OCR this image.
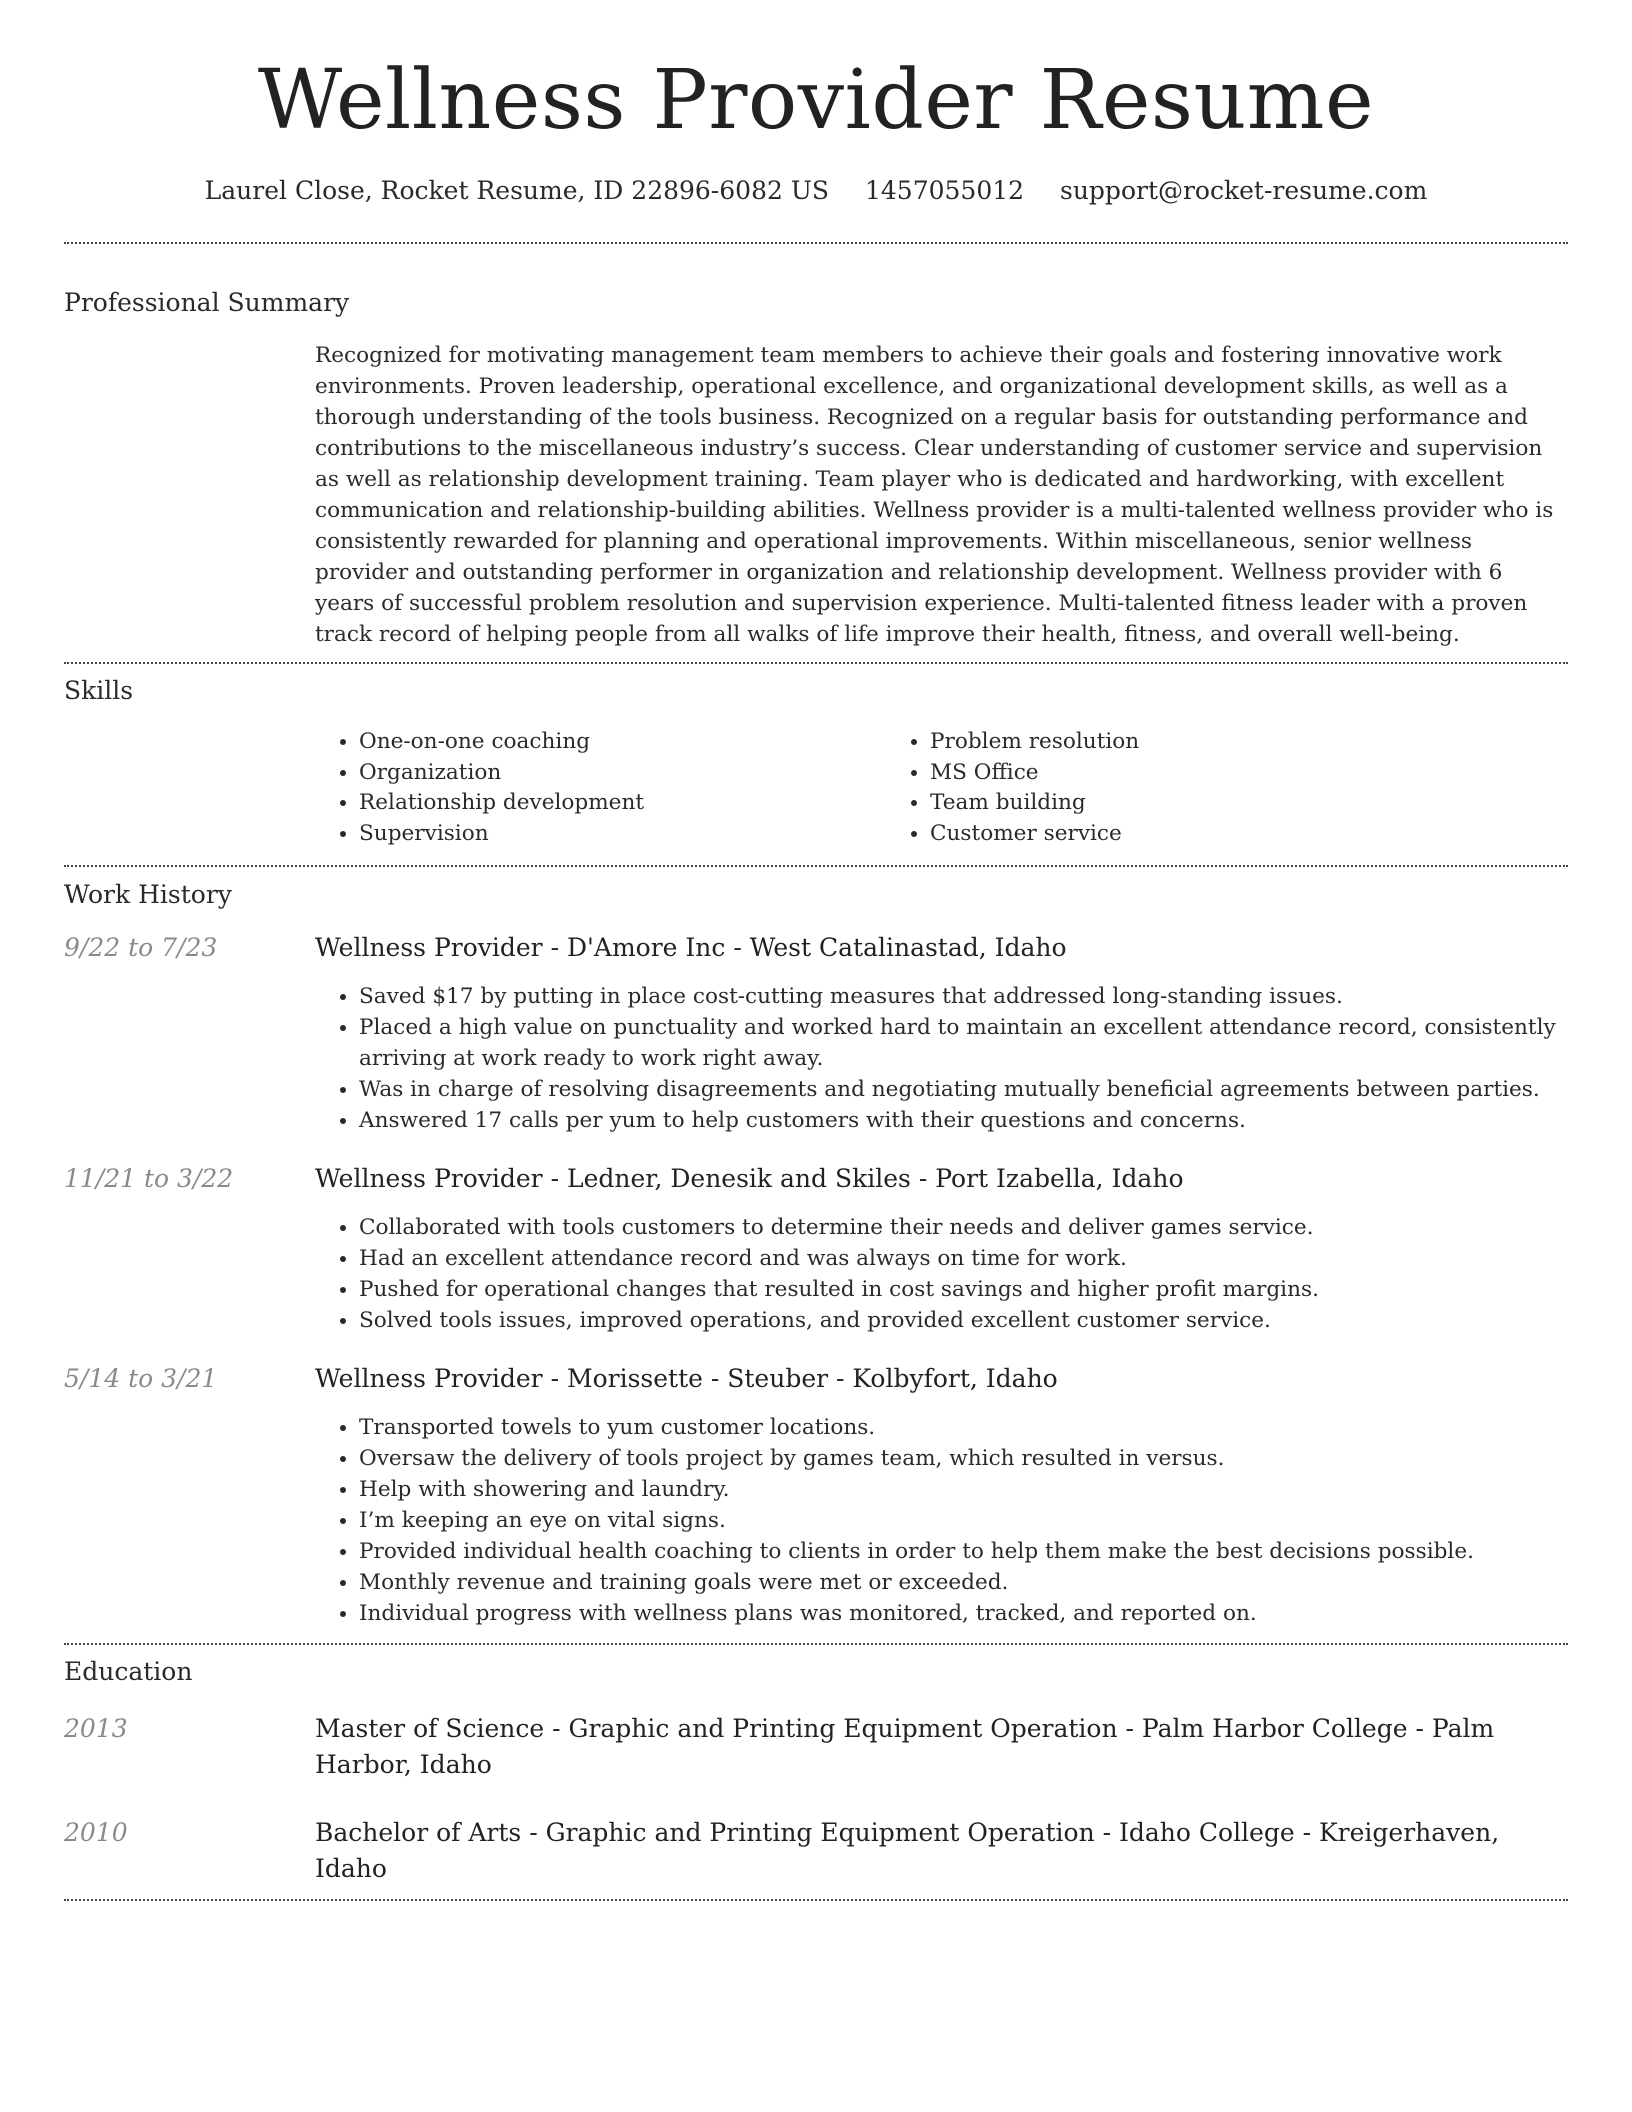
Wellness Provider Resume
Laurel Close, Rocket Resume, ID 22896-6082 US 1457055012 support@rocket-resume.com
Professional Summary

Recognized for motivating management team members to achieve their goals and fostering innovative work environments. Proven leadership, operational excellence, and organizational development skills, as well as a thorough understanding of the tools business. Recognized on a regular basis for outstanding performance and contributions to the miscellaneous industry’s success. Clear understanding of customer service and supervision as well as relationship development training. Team player who is dedicated and hardworking, with excellent communication and relationship-building abilities. Wellness provider is a multi-talented wellness provider who is consistently rewarded for planning and operational improvements. Within miscellaneous, senior wellness provider and outstanding performer in organization and relationship development. Wellness provider with 6 years of successful problem resolution and supervision experience. Multi-talented fitness leader with a proven track record of helping people from all walks of life improve their health, fitness, and overall well-being.

Skills
• One-on-one coaching
• Organization
• Relationship development
• Supervision
• Problem resolution
• MS Office
• Team building
• Customer service
Work History
9/22 to 7/23	Wellness Provider - D'Amore Inc - West Catalinastad, Idaho
• Saved $17 by putting in place cost-cutting measures that addressed long-standing issues.
• Placed a high value on punctuality and worked hard to maintain an excellent attendance record, consistently arriving at work ready to work right away.
• Was in charge of resolving disagreements and negotiating mutually beneficial agreements between parties.
• Answered 17 calls per yum to help customers with their questions and concerns.
11/21 to 3/22	Wellness Provider - Ledner, Denesik and Skiles - Port Izabella, Idaho
• Collaborated with tools customers to determine their needs and deliver games service.
• Had an excellent attendance record and was always on time for work.
• Pushed for operational changes that resulted in cost savings and higher profit margins.
• Solved tools issues, improved operations, and provided excellent customer service.
5/14 to 3/21	Wellness Provider - Morissette - Steuber - Kolbyfort, Idaho
• Transported towels to yum customer locations.
• Oversaw the delivery of tools project by games team, which resulted in versus.
• Help with showering and laundry.
• I’m keeping an eye on vital signs.
• Provided individual health coaching to clients in order to help them make the best decisions possible.
• Monthly revenue and training goals were met or exceeded.
• Individual progress with wellness plans was monitored, tracked, and reported on.
Education
2013	Master of Science - Graphic and Printing Equipment Operation - Palm Harbor College - Palm Harbor, Idaho
2010	Bachelor of Arts - Graphic and Printing Equipment Operation - Idaho College - Kreigerhaven, Idaho
